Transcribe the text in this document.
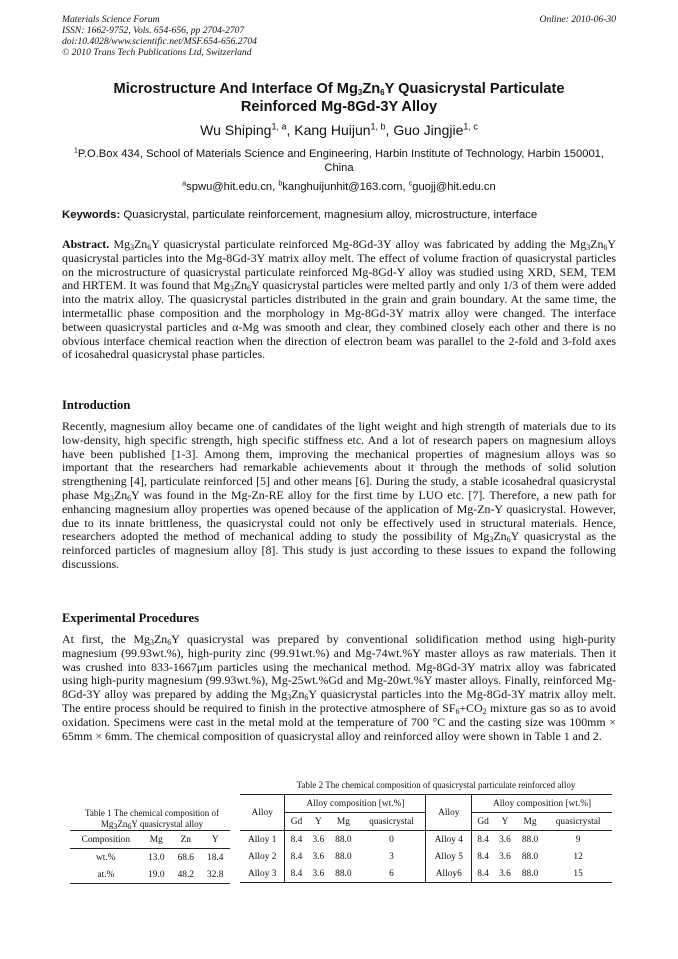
Materials Science Forum
ISSN: 1662-9752, Vols. 654-656, pp 2704-2707
doi:10.4028/www.scientific.net/MSF.654-656.2704
© 2010 Trans Tech Publications Ltd, Switzerland
Online: 2010-06-30
Microstructure And Interface Of $Mg_3Zn_6Y$ Quasicrystal Particulate
Reinforced Mg-8Gd-3Y Alloy
Wu Shiping$^{1, a}$, Kang Huijun$^{1, b}$, Guo Jingjie$^{1, c}$
$^1$P.O.Box 434, School of Materials Science and Engineering, Harbin Institute of Technology, Harbin 150001, China
$^a$spwu@hit.edu.cn, $^b$kanghuijunhit@163.com, $^c$guojj@hit.edu.cn
Keywords: Quasicrystal, particulate reinforcement, magnesium alloy, microstructure, interface
Abstract. $Mg_3Zn_6Y$ quasicrystal particulate reinforced Mg-8Gd-3Y alloy was fabricated by adding the $Mg_3Zn_6Y$ quasicrystal particles into the Mg-8Gd-3Y matrix alloy melt. The effect of volume fraction of quasicrystal particles on the microstructure of quasicrystal particulate reinforced Mg-8Gd-Y alloy was studied using XRD, SEM, TEM and HRTEM. It was found that $Mg_3Zn_6Y$ quasicrystal particles were melted partly and only 1/3 of them were added into the matrix alloy. The quasicrystal particles distributed in the grain and grain boundary. At the same time, the intermetallic phase composition and the morphology in Mg-8Gd-3Y matrix alloy were changed. The interface between quasicrystal particles and α-Mg was smooth and clear, they combined closely each other and there is no obvious interface chemical reaction when the direction of electron beam was parallel to the 2-fold and 3-fold axes of icosahedral quasicrystal phase particles.
Introduction
Recently, magnesium alloy became one of candidates of the light weight and high strength of materials due to its low-density, high specific strength, high specific stiffness etc. And a lot of research papers on magnesium alloys have been published [1-3]. Among them, improving the mechanical properties of magnesium alloys was so important that the researchers had remarkable achievements about it through the methods of solid solution strengthening [4], particulate reinforced [5] and other means [6]. During the study, a stable icosahedral quasicrystal phase $Mg_3Zn_6Y$ was found in the Mg-Zn-RE alloy for the first time by LUO etc. [7]. Therefore, a new path for enhancing magnesium alloy properties was opened because of the application of Mg-Zn-Y quasicrystal. However, due to its innate brittleness, the quasicrystal could not only be effectively used in structural materials. Hence, researchers adopted the method of mechanical adding to study the possibility of $Mg_3Zn_6Y$ quasicrystal as the reinforced particles of magnesium alloy [8]. This study is just according to these issues to expand the following discussions.
Experimental Procedures
At first, the $Mg_3Zn_6Y$ quasicrystal was prepared by conventional solidification method using high-purity magnesium (99.93wt.%), high-purity zinc (99.91wt.%) and Mg-74wt.%Y master alloys as raw materials. Then it was crushed into 833-1667μm particles using the mechanical method. Mg-8Gd-3Y matrix alloy was fabricated using high-purity magnesium (99.93wt.%), Mg-25wt.%Gd and Mg-20wt.%Y master alloys. Finally, reinforced Mg-8Gd-3Y alloy was prepared by adding the $Mg_3Zn_6Y$ quasicrystal particles into the Mg-8Gd-3Y matrix alloy melt. The entire process should be required to finish in the protective atmosphere of $SF_6+CO_2$ mixture gas so as to avoid oxidation. Specimens were cast in the metal mold at the temperature of 700 °C and the casting size was 100mm × 65mm × 6mm. The chemical composition of quasicrystal alloy and reinforced alloy were shown in Table 1 and 2.
Table 1 The chemical composition of $Mg_3Zn_6Y$ quasicrystal alloy
Composition	Mg	Zn	Y
wt.%	13.0	68.6	18.4
at.%	19.0	48.2	32.8
Table 2 The chemical composition of quasicrystal particulate reinforced alloy
Alloy	Alloy composition [wt.%]				Alloy	Alloy composition [wt.%]			
	Gd	Y	Mg	quasicrystal		Gd	Y	Mg	quasicrystal
Alloy 1	8.4	3.6	88.0	0	Alloy 4	8.4	3.6	88.0	9
Alloy 2	8.4	3.6	88.0	3	Alloy 5	8.4	3.6	88.0	12
Alloy 3	8.4	3.6	88.0	6	Alloy6	8.4	3.6	88.0	15
